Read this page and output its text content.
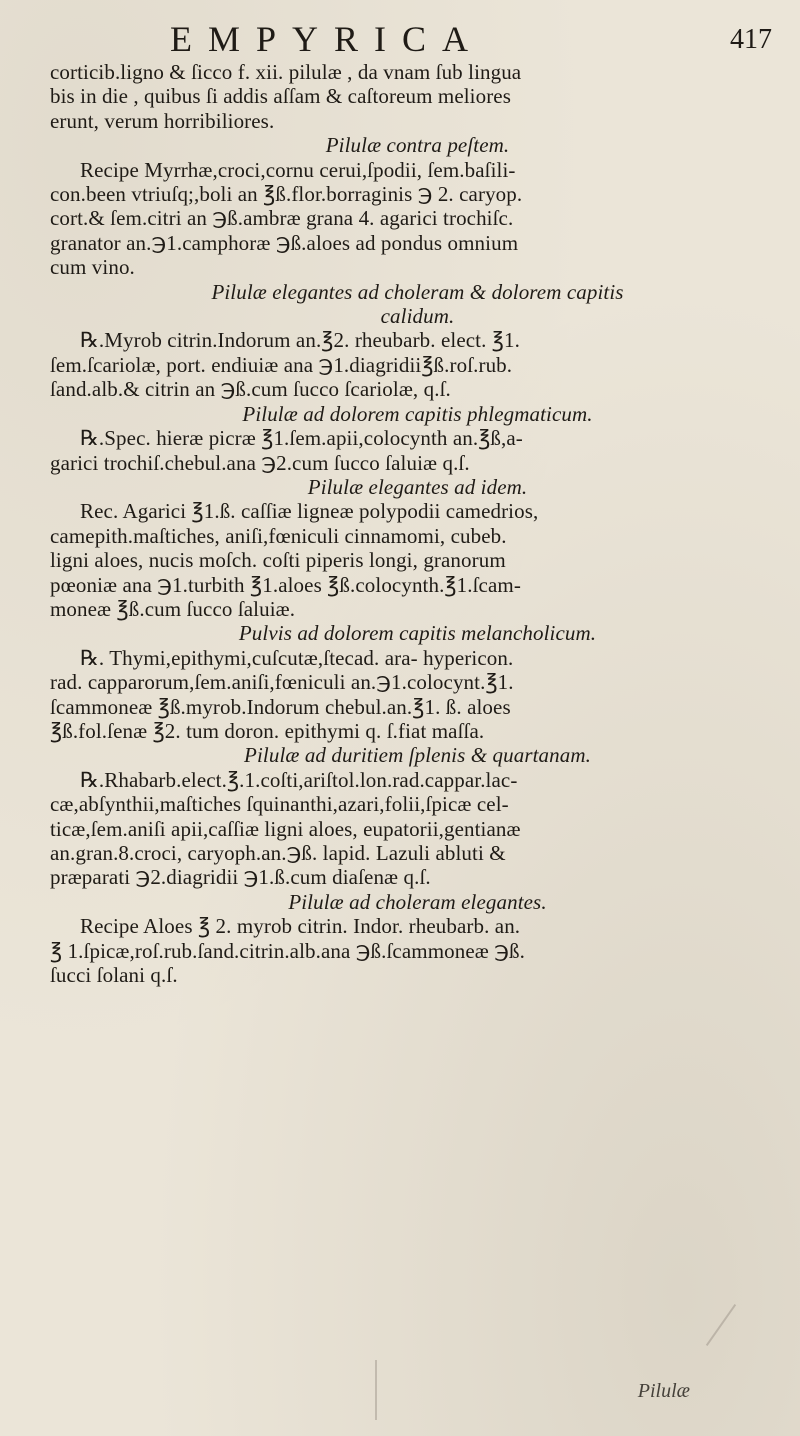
EMPYRICA	417
corticib.ligno & ſicco f. xii. pilulæ , da vnam ſub lingua
bis in die , quibus ſi addis aſſam & caſtoreum meliores
erunt, verum horribiliores.
Pilulæ contra peſtem.
Recipe Myrrhæ,croci,cornu cerui,ſpodii, ſem.baſili-
con.been vtriuſq;,boli an ℥ß.flor.borraginis ℈ 2. caryop.
cort.& ſem.citri an ℈ß.ambræ grana 4. agarici trochiſc.
granator an.℈1.camphoræ ℈ß.aloes ad pondus omnium
cum vino.
Pilulæ elegantes ad choleram & dolorem capitis
calidum.
℞.Myrob citrin.Indorum an.℥2. rheubarb. elect. ℥1.
ſem.ſcariolæ, port. endiuiæ ana ℈1.diagridii℥ß.roſ.rub.
ſand.alb.& citrin an ℈ß.cum ſucco ſcariolæ, q.ſ.
Pilulæ ad dolorem capitis phlegmaticum.
℞.Spec. hieræ picræ ℥1.ſem.apii,colocynth an.℥ß,a-
garici trochiſ.chebul.ana ℈2.cum ſucco ſaluiæ q.ſ.
Pilulæ elegantes ad idem.
Rec. Agarici ℥1.ß. caſſiæ ligneæ polypodii camedrios,
camepith.maſtiches, aniſi,fœniculi cinnamomi, cubeb.
ligni aloes, nucis moſch. coſti piperis longi, granorum
pœoniæ ana ℈1.turbith ℥1.aloes ℥ß.colocynth.℥1.ſcam-
moneæ ℥ß.cum ſucco ſaluiæ.
Pulvis ad dolorem capitis melancholicum.
℞. Thymi,epithymi,cuſcutæ,ſtecad. ara- hypericon.
rad. capparorum,ſem.aniſi,fœniculi an.℈1.colocynt.℥1.
ſcammoneæ ℥ß.myrob.Indorum chebul.an.℥1. ß. aloes
℥ß.fol.ſenæ ℥2. tum doron. epithymi q. ſ.fiat maſſa.
Pilulæ ad duritiem ſplenis & quartanam.
℞.Rhabarb.elect.℥.1.coſti,ariſtol.lon.rad.cappar.lac-
cæ,abſynthii,maſtiches ſquinanthi,azari,folii,ſpicæ cel-
ticæ,ſem.aniſi apii,caſſiæ ligni aloes, eupatorii,gentianæ
an.gran.8.croci, caryoph.an.℈ß. lapid. Lazuli abluti &
præparati ℈2.diagridii ℈1.ß.cum diaſenæ q.ſ.
Pilulæ ad choleram elegantes.
Recipe Aloes ℥ 2. myrob citrin. Indor. rheubarb. an.
℥ 1.ſpicæ,roſ.rub.ſand.citrin.alb.ana ℈ß.ſcammoneæ ℈ß.
ſucci ſolani q.ſ.
Pilulæ
